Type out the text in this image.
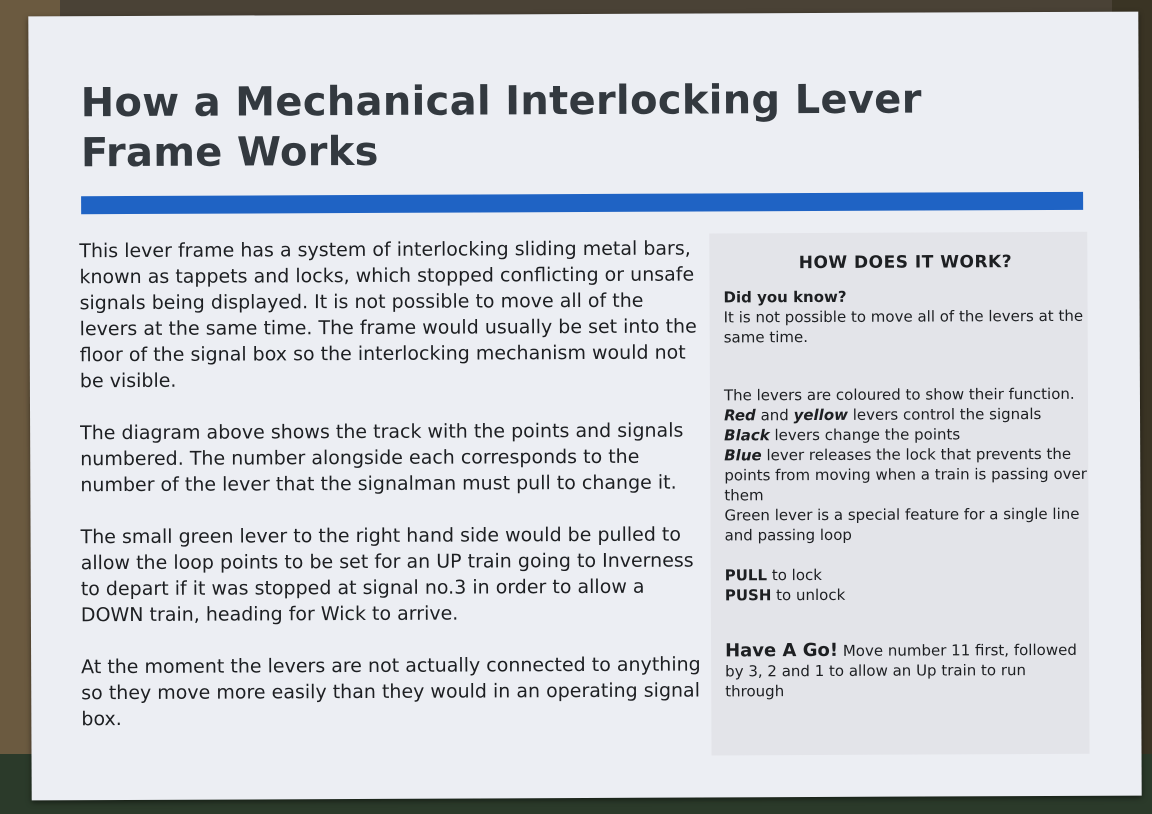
How a Mechanical Interlocking Lever Frame Works

This lever frame has a system of interlocking sliding metal bars, known as tappets and locks, which stopped conflicting or unsafe signals being displayed. It is not possible to move all of the levers at the same time. The frame would usually be set into the floor of the signal box so the interlocking mechanism would not be visible.

The diagram above shows the track with the points and signals numbered. The number alongside each corresponds to the number of the lever that the signalman must pull to change it.

The small green lever to the right hand side would be pulled to allow the loop points to be set for an UP train going to Inverness to depart if it was stopped at signal no.3 in order to allow a DOWN train, heading for Wick to arrive.

At the moment the levers are not actually connected to anything so they move more easily than they would in an operating signal box.

HOW DOES IT WORK?

Did you know?

It is not possible to move all of the levers at the same time.

The levers are coloured to show their function.

Red and yellow levers control the signals

Black levers change the points

Blue lever releases the lock that prevents the points from moving when a train is passing over them

Green lever is a special feature for a single line and passing loop

PULL to lock

PUSH to unlock

Have A Go! Move number 11 first, followed by 3, 2 and 1 to allow an Up train to run through
